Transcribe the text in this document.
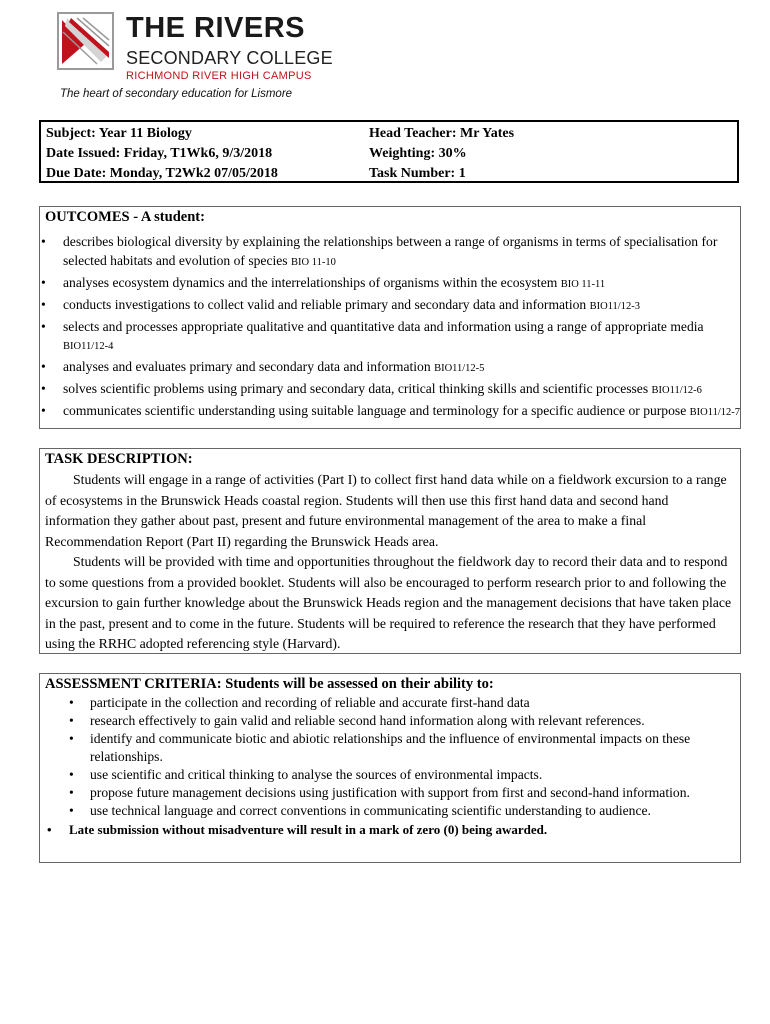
THE RIVERS
SECONDARY COLLEGE
RICHMOND RIVER HIGH CAMPUS
The heart of secondary education for Lismore
Subject: Year 11 Biology
Date Issued: Friday, T1Wk6, 9/3/2018
Due Date: Monday, T2Wk2 07/05/2018
Head Teacher: Mr Yates
Weighting: 30%
Task Number: 1
OUTCOMES - A student:
• describes biological diversity by explaining the relationships between a range of organisms in terms of specialisation for selected habitats and evolution of species BIO 11-10
• analyses ecosystem dynamics and the interrelationships of organisms within the ecosystem BIO 11-11
• conducts investigations to collect valid and reliable primary and secondary data and information BIO11/12-3
• selects and processes appropriate qualitative and quantitative data and information using a range of appropriate media BIO11/12-4
• analyses and evaluates primary and secondary data and information BIO11/12-5
• solves scientific problems using primary and secondary data, critical thinking skills and scientific processes BIO11/12-6
• communicates scientific understanding using suitable language and terminology for a specific audience or purpose BIO11/12-7
TASK DESCRIPTION:

Students will engage in a range of activities (Part I) to collect first hand data while on a fieldwork excursion to a range of ecosystems in the Brunswick Heads coastal region. Students will then use this first hand data and second hand information they gather about past, present and future environmental management of the area to make a final Recommendation Report (Part II) regarding the Brunswick Heads area.

Students will be provided with time and opportunities throughout the fieldwork day to record their data and to respond to some questions from a provided booklet. Students will also be encouraged to perform research prior to and following the excursion to gain further knowledge about the Brunswick Heads region and the management decisions that have taken place in the past, present and to come in the future. Students will be required to reference the research that they have performed using the RRHC adopted referencing style (Harvard).

ASSESSMENT CRITERIA: Students will be assessed on their ability to:
• participate in the collection and recording of reliable and accurate first-hand data
• research effectively to gain valid and reliable second hand information along with relevant references.
• identify and communicate biotic and abiotic relationships and the influence of environmental impacts on these relationships.
• use scientific and critical thinking to analyse the sources of environmental impacts.
• propose future management decisions using justification with support from first and second-hand information.
• use technical language and correct conventions in communicating scientific understanding to audience.
• Late submission without misadventure will result in a mark of zero (0) being awarded.
